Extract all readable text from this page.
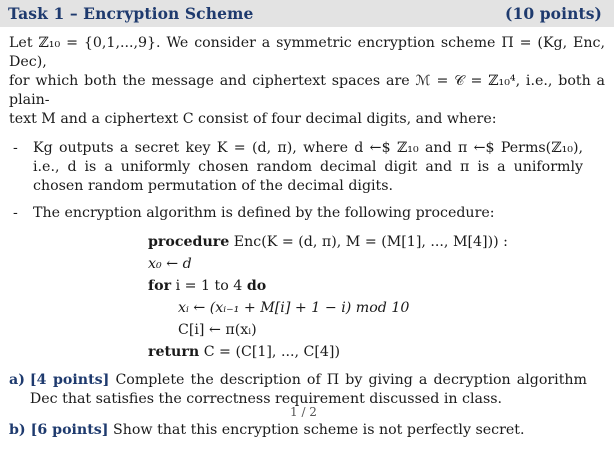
Task 1 – Encryption Scheme	(10 points)
Let ℤ₁₀ = {0,1,...,9}. We consider a symmetric encryption scheme Π = (Kg, Enc, Dec),
for which both the message and ciphertext spaces are ℳ = 𝒞 = ℤ₁₀⁴, i.e., both a plain-
text M and a ciphertext C consist of four decimal digits, and where:
-	Kg outputs a secret key K = (d, π), where d ←$ ℤ₁₀ and π ←$ Perms(ℤ₁₀), i.e., d is a uniformly chosen random decimal digit and π is a uniformly chosen random permutation of the decimal digits.
-	The encryption algorithm is defined by the following procedure:
procedure Enc(K = (d, π), M = (M[1], ..., M[4])) :
x₀ ← d
for i = 1 to 4 do
xᵢ ← (xᵢ₋₁ + M[i] + 1 − i) mod 10
C[i] ← π(xᵢ)
return C = (C[1], ..., C[4])
a) [4 points] Complete the description of Π by giving a decryption algorithm Dec that satisfies the correctness requirement discussed in class.
b) [6 points] Show that this encryption scheme is not perfectly secret.
1 / 2
